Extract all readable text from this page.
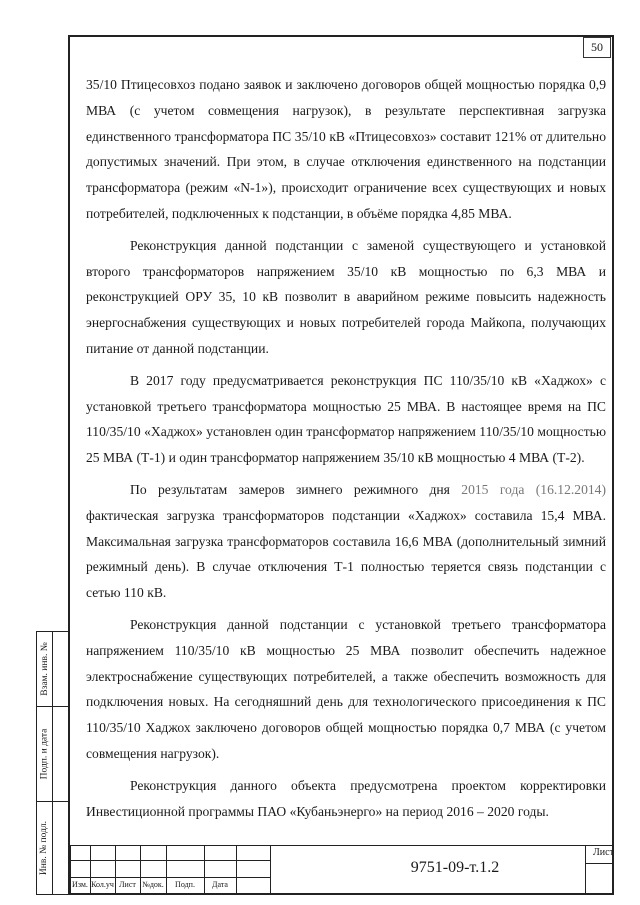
50

35/10 Птицесовхоз подано заявок и заключено договоров общей мощностью порядка 0,9 МВА (с учетом совмещения нагрузок), в результате перспективная загрузка единственного трансформатора ПС 35/10 кВ «Птицесовхоз» составит 121% от длительно допустимых значений. При этом, в случае отключения единственного на подстанции трансформатора (режим «N-1»), происходит ограничение всех существующих и новых потребителей, подключенных к подстанции, в объёме порядка 4,85 МВА.

Реконструкция данной подстанции с заменой существующего и установкой второго трансформаторов напряжением 35/10 кВ мощностью по 6,3 МВА и реконструкцией ОРУ 35, 10 кВ позволит в аварийном режиме повысить надежность энергоснабжения существующих и новых потребителей города Майкопа, получающих питание от данной подстанции.

В 2017 году предусматривается реконструкция ПС 110/35/10 кВ «Хаджох» с установкой третьего трансформатора мощностью 25 МВА. В настоящее время на ПС 110/35/10 «Хаджох» установлен один трансформатор напряжением 110/35/10 мощностью 25 МВА (Т-1) и один трансформатор напряжением 35/10 кВ мощностью 4 МВА (Т-2).

По результатам замеров зимнего режимного дня 2015 года (16.12.2014) фактическая загрузка трансформаторов подстанции «Хаджох» составила 15,4 МВА. Максимальная загрузка трансформаторов составила 16,6 МВА (дополнительный зимний режимный день). В случае отключения Т-1 полностью теряется связь подстанции с сетью 110 кВ.

Реконструкция данной подстанции с установкой третьего трансформатора напряжением 110/35/10 кВ мощностью 25 МВА позволит обеспечить надежное электроснабжение существующих потребителей, а также обеспечить возможность для подключения новых. На сегодняшний день для технологического присоединения к ПС 110/35/10 Хаджох заключено договоров общей мощностью порядка 0,7 МВА (с учетом совмещения нагрузок).

Реконструкция данного объекта предусмотрена проектом корректировки Инвестиционной программы ПАО «Кубаньэнерго» на период 2016 – 2020 годы.

Взам. инв. №
Подп. и дата
Инв. № подл.
Изм. Кол.уч Лист №док.	Подп.	Дата
9751-09-т.1.2
Лист
